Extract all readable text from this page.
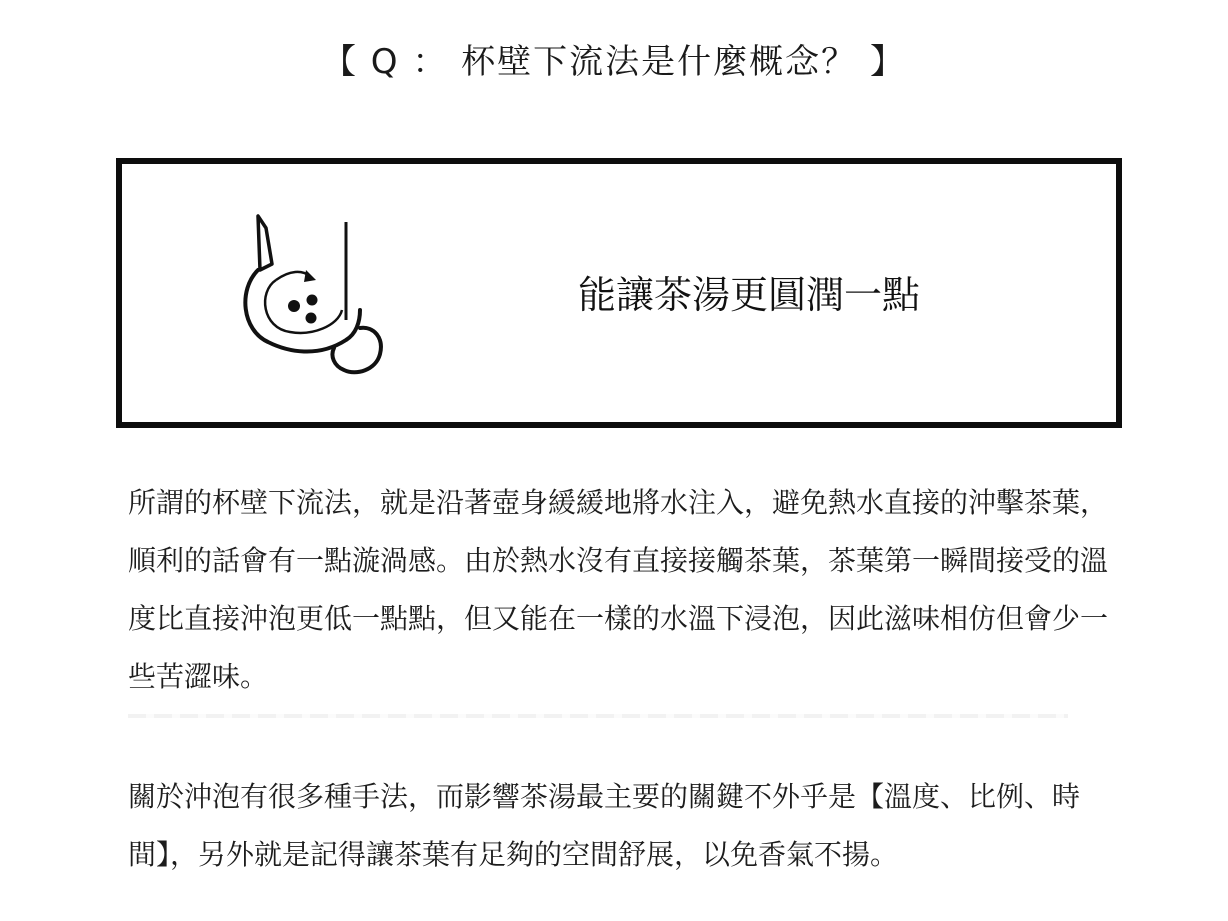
【 Q ： 杯壁下流法是什麼概念？ 】
能讓茶湯更圓潤一點

所謂的杯壁下流法，就是沿著壺身緩緩地將水注入，避免熱水直接的沖擊茶葉，順利的話會有一點漩渦感。由於熱水沒有直接接觸茶葉，茶葉第一瞬間接受的溫度比直接沖泡更低一點點，但又能在一樣的水溫下浸泡，因此滋味相仿但會少一些苦澀味。

關於沖泡有很多種手法，而影響茶湯最主要的關鍵不外乎是【溫度、比例、時間】，另外就是記得讓茶葉有足夠的空間舒展，以免香氣不揚。
